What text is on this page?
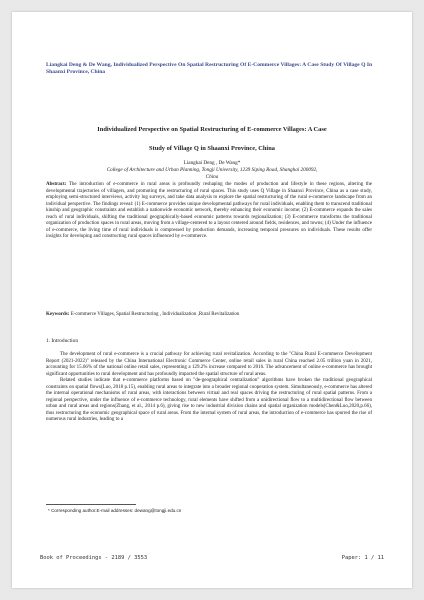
Liangkai Deng & De Wang, Individualized Perspective On Spatial Restructuring Of E-Commerce Villages: A Case Study Of Village Q In Shaanxi Province, China
Individualized Perspective on Spatial Restructuring of E-commerce Villages: A Case
Study of Village Q in Shaanxi Province, China
Liangkai Deng , De Wang*
College of Architecture and Urban Planning, Tongji University, 1239 Siping Road, Shanghai 200092,
China
Abstract: The introduction of e-commerce in rural areas is profoundly reshaping the modes of production and lifestyle in these regions, altering the developmental trajectories of villagers, and promoting the restructuring of rural spaces. This study uses Q Village in Shaanxi Province, China as a case study, employing semi-structured interviews, activity log surveys, and take data analysis to explore the spatial restructuring of the rural e-commerce landscape from an individual perspective. The findings reveal: (1) E-commerce provides unique developmental pathways for rural individuals, enabling them to transcend traditional kinship and geographic constraints and establish a nationwide economic network, thereby enhancing their economic income; (2) E-commerce expands the sales reach of rural individuals, shifting the traditional geographically-based economic patterns towards regionalization; (3) E-commerce transforms the traditional organization of production spaces in rural areas, moving from a village-centered to a layout centered around fields, residences, and towns; (4) Under the influence of e-commerce, the living time of rural individuals is compressed by production demands, increasing temporal pressures on individuals. These results offer insights for developing and constructing rural spaces influenced by e-commerce.
Keywords: E-commerce Villages, Spatial Restructuring , Individualization ,Rural Revitalization
1. Introduction

The development of rural e-commerce is a crucial pathway for achieving rural revitalization. According to the "China Rural E-commerce Development Report (2021-2022)" released by the China International Electronic Commerce Center, online retail sales in rural China reached 2.05 trillion yuan in 2021, accounting for 15.66% of the national online retail sales, representing a 129.2% increase compared to 2016. The advancement of online e-commerce has brought significant opportunities to rural development and has profoundly impacted the spatial structure of rural areas.

Related studies indicate that e-commerce platforms based on "de-geographical centralization" algorithms have broken the traditional geographical constraints on spatial flows(Luo, 2018 p.15), enabling rural areas to integrate into a broader regional cooperation system. Simultaneously, e-commerce has altered the internal operational mechanisms of rural areas, with interactions between virtual and real spaces driving the restructuring of rural spatial patterns. From a regional perspective, under the influence of e-commerce technology, rural elements have shifted from a unidirectional flow to a multidirectional flow between urban and rural areas and regions(Zhang, et al., 2014 p.6), giving rise to new industrial division chains and spatial organization models(Chen&Luo,2020,p.66), thus restructuring the economic geographical space of rural areas. From the internal system of rural areas, the introduction of e-commerce has spurred the rise of numerous rural industries, leading to a

* Corresponding author.E-mail addresses: dewang@tongji.edu.cn
Book of Proceedings - 2189 / 3553	Paper: 1 / 11
